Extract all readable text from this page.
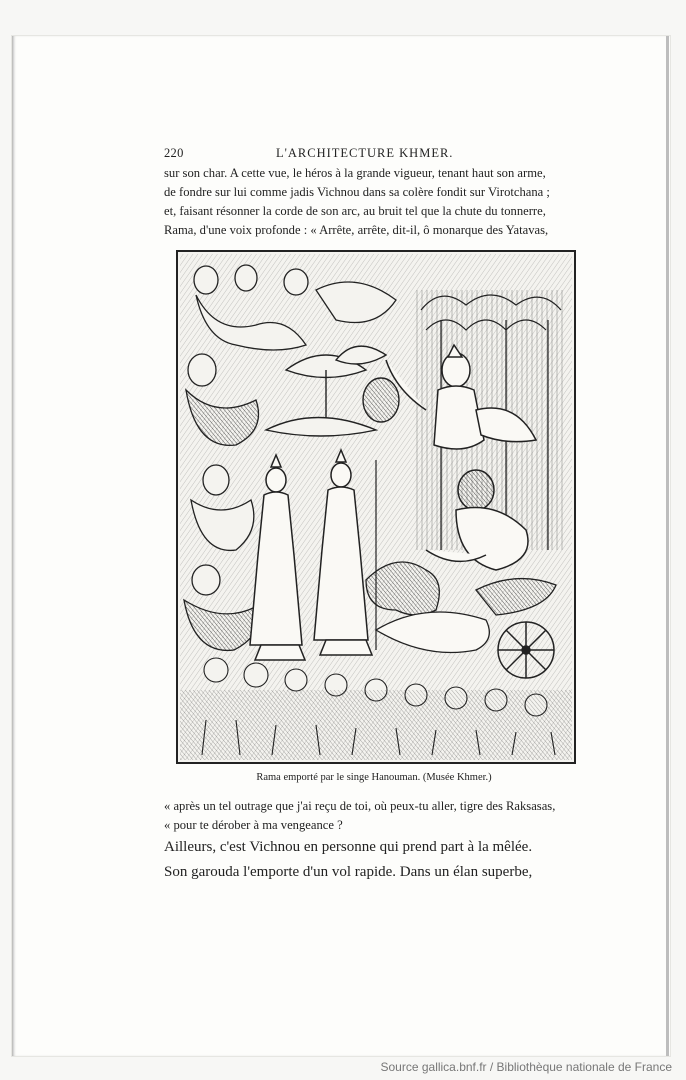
220	L'ARCHITECTURE KHMER.
sur son char. A cette vue, le héros à la grande vigueur, tenant haut son arme,
de fondre sur lui comme jadis Vichnou dans sa colère fondit sur Virotchana ;
et, faisant résonner la corde de son arc, au bruit tel que la chute du tonnerre,
Rama, d'une voix profonde : « Arrête, arrête, dit-il, ô monarque des Yatavas,
Rama emporté par le singe Hanouman. (Musée Khmer.)
« après un tel outrage que j'ai reçu de toi, où peux-tu aller, tigre des Raksasas,
« pour te dérober à ma vengeance ?
Ailleurs, c'est Vichnou en personne qui prend part à la mêlée.
Son garouda l'emporte d'un vol rapide. Dans un élan superbe,
Source gallica.bnf.fr / Bibliothèque nationale de France
